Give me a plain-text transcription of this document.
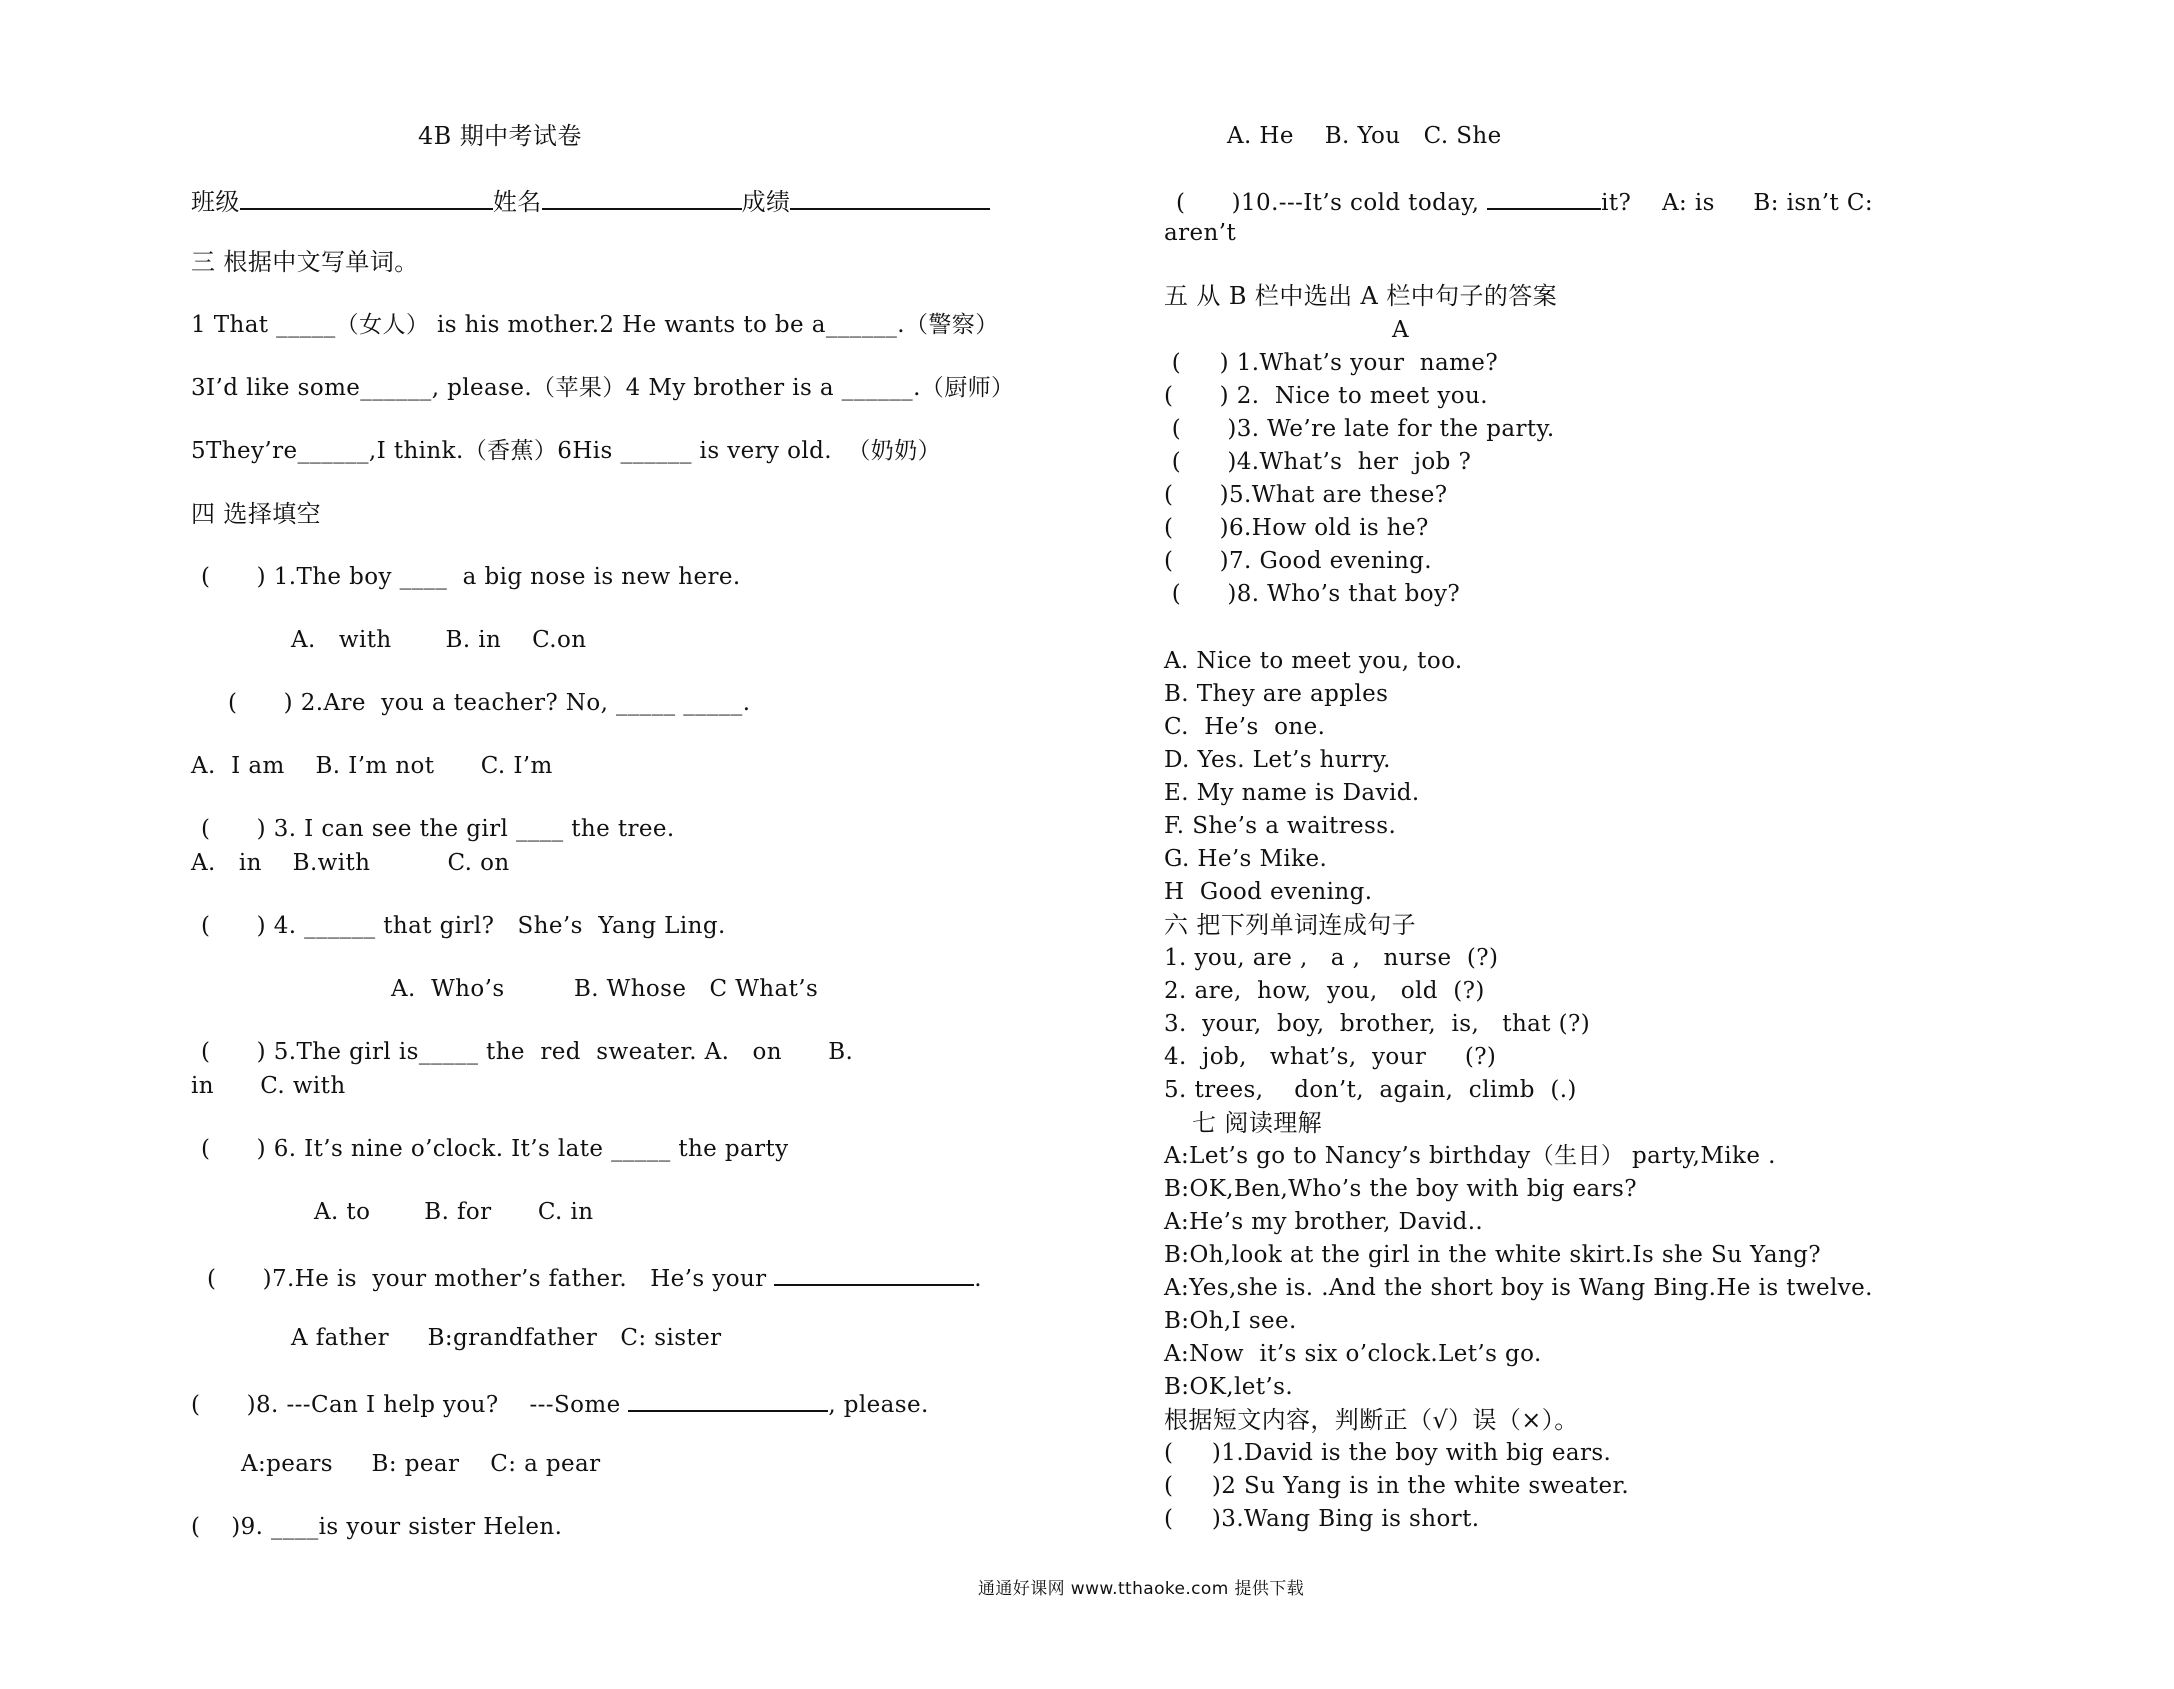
4B 期中考试卷
班级	姓名	成绩
三 根据中文写单词。
1 That _____（女人） is his mother.2 He wants to be a______.（警察）
3I’d like some______, please.（苹果）4 My brother is a ______.（厨师）
5They’re______,I think.（香蕉）6His ______ is very old.  （奶奶）
四 选择填空
(      ) 1.The boy ____  a big nose is new here.
A.   with       B. in    C.on
(      ) 2.Are  you a teacher? No, _____ _____.
A.  I am    B. I’m not      C. I’m
(      ) 3. I can see the girl ____ the tree.
A.   in    B.with          C. on
(      ) 4. ______ that girl?   She’s  Yang Ling.
A.  Who’s         B. Whose   C What’s
(      ) 5.The girl is_____ the  red  sweater. A.   on      B.
in      C. with
(      ) 6. It’s nine o’clock. It’s late _____ the party
A. to       B. for      C. in
(      )7.He is  your mother’s father.   He’s your	.
A father     B:grandfather   C: sister
(      )8. ---Can I help you?    ---Some	, please.
A:pears     B: pear    C: a pear
(    )9. ____is your sister Helen.
A. He    B. You   C. She
(      )10.---It’s cold today,	it?    A: is     B: isn’t C:
aren’t
五 从 B 栏中选出 A 栏中句子的答案
A
(     ) 1.What’s your  name?
(      ) 2.  Nice to meet you.
(      )3. We’re late for the party.
(      )4.What’s  her  job ?
(      )5.What are these?
(      )6.How old is he?
(      )7. Good evening.
(      )8. Who’s that boy?
A. Nice to meet you, too.
B. They are apples
C.  He’s  one.
D. Yes. Let’s hurry.
E. My name is David.
F. She’s a waitress.
G. He’s Mike.
H  Good evening.
六 把下列单词连成句子
1. you, are ,   a ,   nurse  (?)
2. are,  how,  you,   old  (?)
3.  your,  boy,  brother,  is,   that (?)
4.  job,   what’s,  your     (?)
5. trees,    don’t,  again,  climb  (.)
七 阅读理解
A:Let’s go to Nancy’s birthday（生日） party,Mike .
B:OK,Ben,Who’s the boy with big ears?
A:He’s my brother, David..
B:Oh,look at the girl in the white skirt.Is she Su Yang?
A:Yes,she is. .And the short boy is Wang Bing.He is twelve.
B:Oh,I see.
A:Now  it’s six o’clock.Let’s go.
B:OK,let’s.
根据短文内容，判断正（√）误（×）。
(     )1.David is the boy with big ears.
(     )2 Su Yang is in the white sweater.
(     )3.Wang Bing is short.
通通好课网 www.tthaoke.com 提供下载
